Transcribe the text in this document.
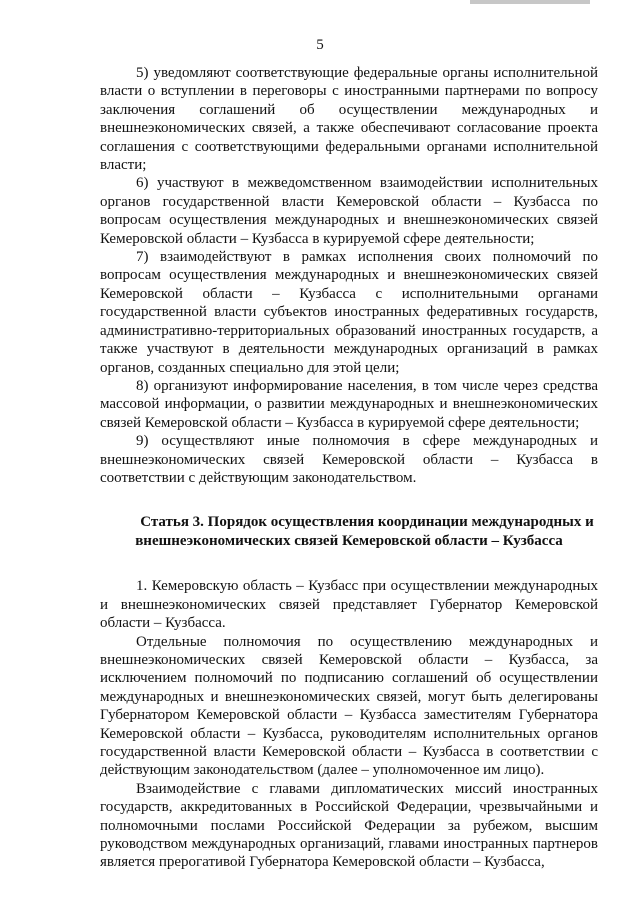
5

5) уведомляют соответствующие федеральные органы исполнительной власти о вступлении в переговоры с иностранными партнерами по вопросу заключения соглашений об осуществлении международных и внешнеэкономических связей, а также обеспечивают согласование проекта соглашения с соответствующими федеральными органами исполнительной власти;

6) участвуют в межведомственном взаимодействии исполнительных органов государственной власти Кемеровской области – Кузбасса по вопросам осуществления международных и внешнеэкономических связей Кемеровской области – Кузбасса в курируемой сфере деятельности;

7) взаимодействуют в рамках исполнения своих полномочий по вопросам осуществления международных и внешнеэкономических связей Кемеровской области – Кузбасса с исполнительными органами государственной власти субъектов иностранных федеративных государств, административно-территориальных образований иностранных государств, а также участвуют в деятельности международных организаций в рамках органов, созданных специально для этой цели;

8) организуют информирование населения, в том числе через средства массовой информации, о развитии международных и внешнеэкономических связей Кемеровской области – Кузбасса в курируемой сфере деятельности;

9) осуществляют иные полномочия в сфере международных и внешнеэкономических связей Кемеровской области – Кузбасса в соответствии с действующим законодательством.

Статья 3. Порядок осуществления координации международных и внешнеэкономических связей Кемеровской области – Кузбасса

1. Кемеровскую область – Кузбасс при осуществлении международных и внешнеэкономических связей представляет Губернатор Кемеровской области – Кузбасса.

Отдельные полномочия по осуществлению международных и внешнеэкономических связей Кемеровской области – Кузбасса, за исключением полномочий по подписанию соглашений об осуществлении международных и внешнеэкономических связей, могут быть делегированы Губернатором Кемеровской области – Кузбасса заместителям Губернатора Кемеровской области – Кузбасса, руководителям исполнительных органов государственной власти Кемеровской области – Кузбасса в соответствии с действующим законодательством (далее – уполномоченное им лицо).

Взаимодействие с главами дипломатических миссий иностранных государств, аккредитованных в Российской Федерации, чрезвычайными и полномочными послами Российской Федерации за рубежом, высшим руководством международных организаций, главами иностранных партнеров является прерогативой Губернатора Кемеровской области – Кузбасса,
